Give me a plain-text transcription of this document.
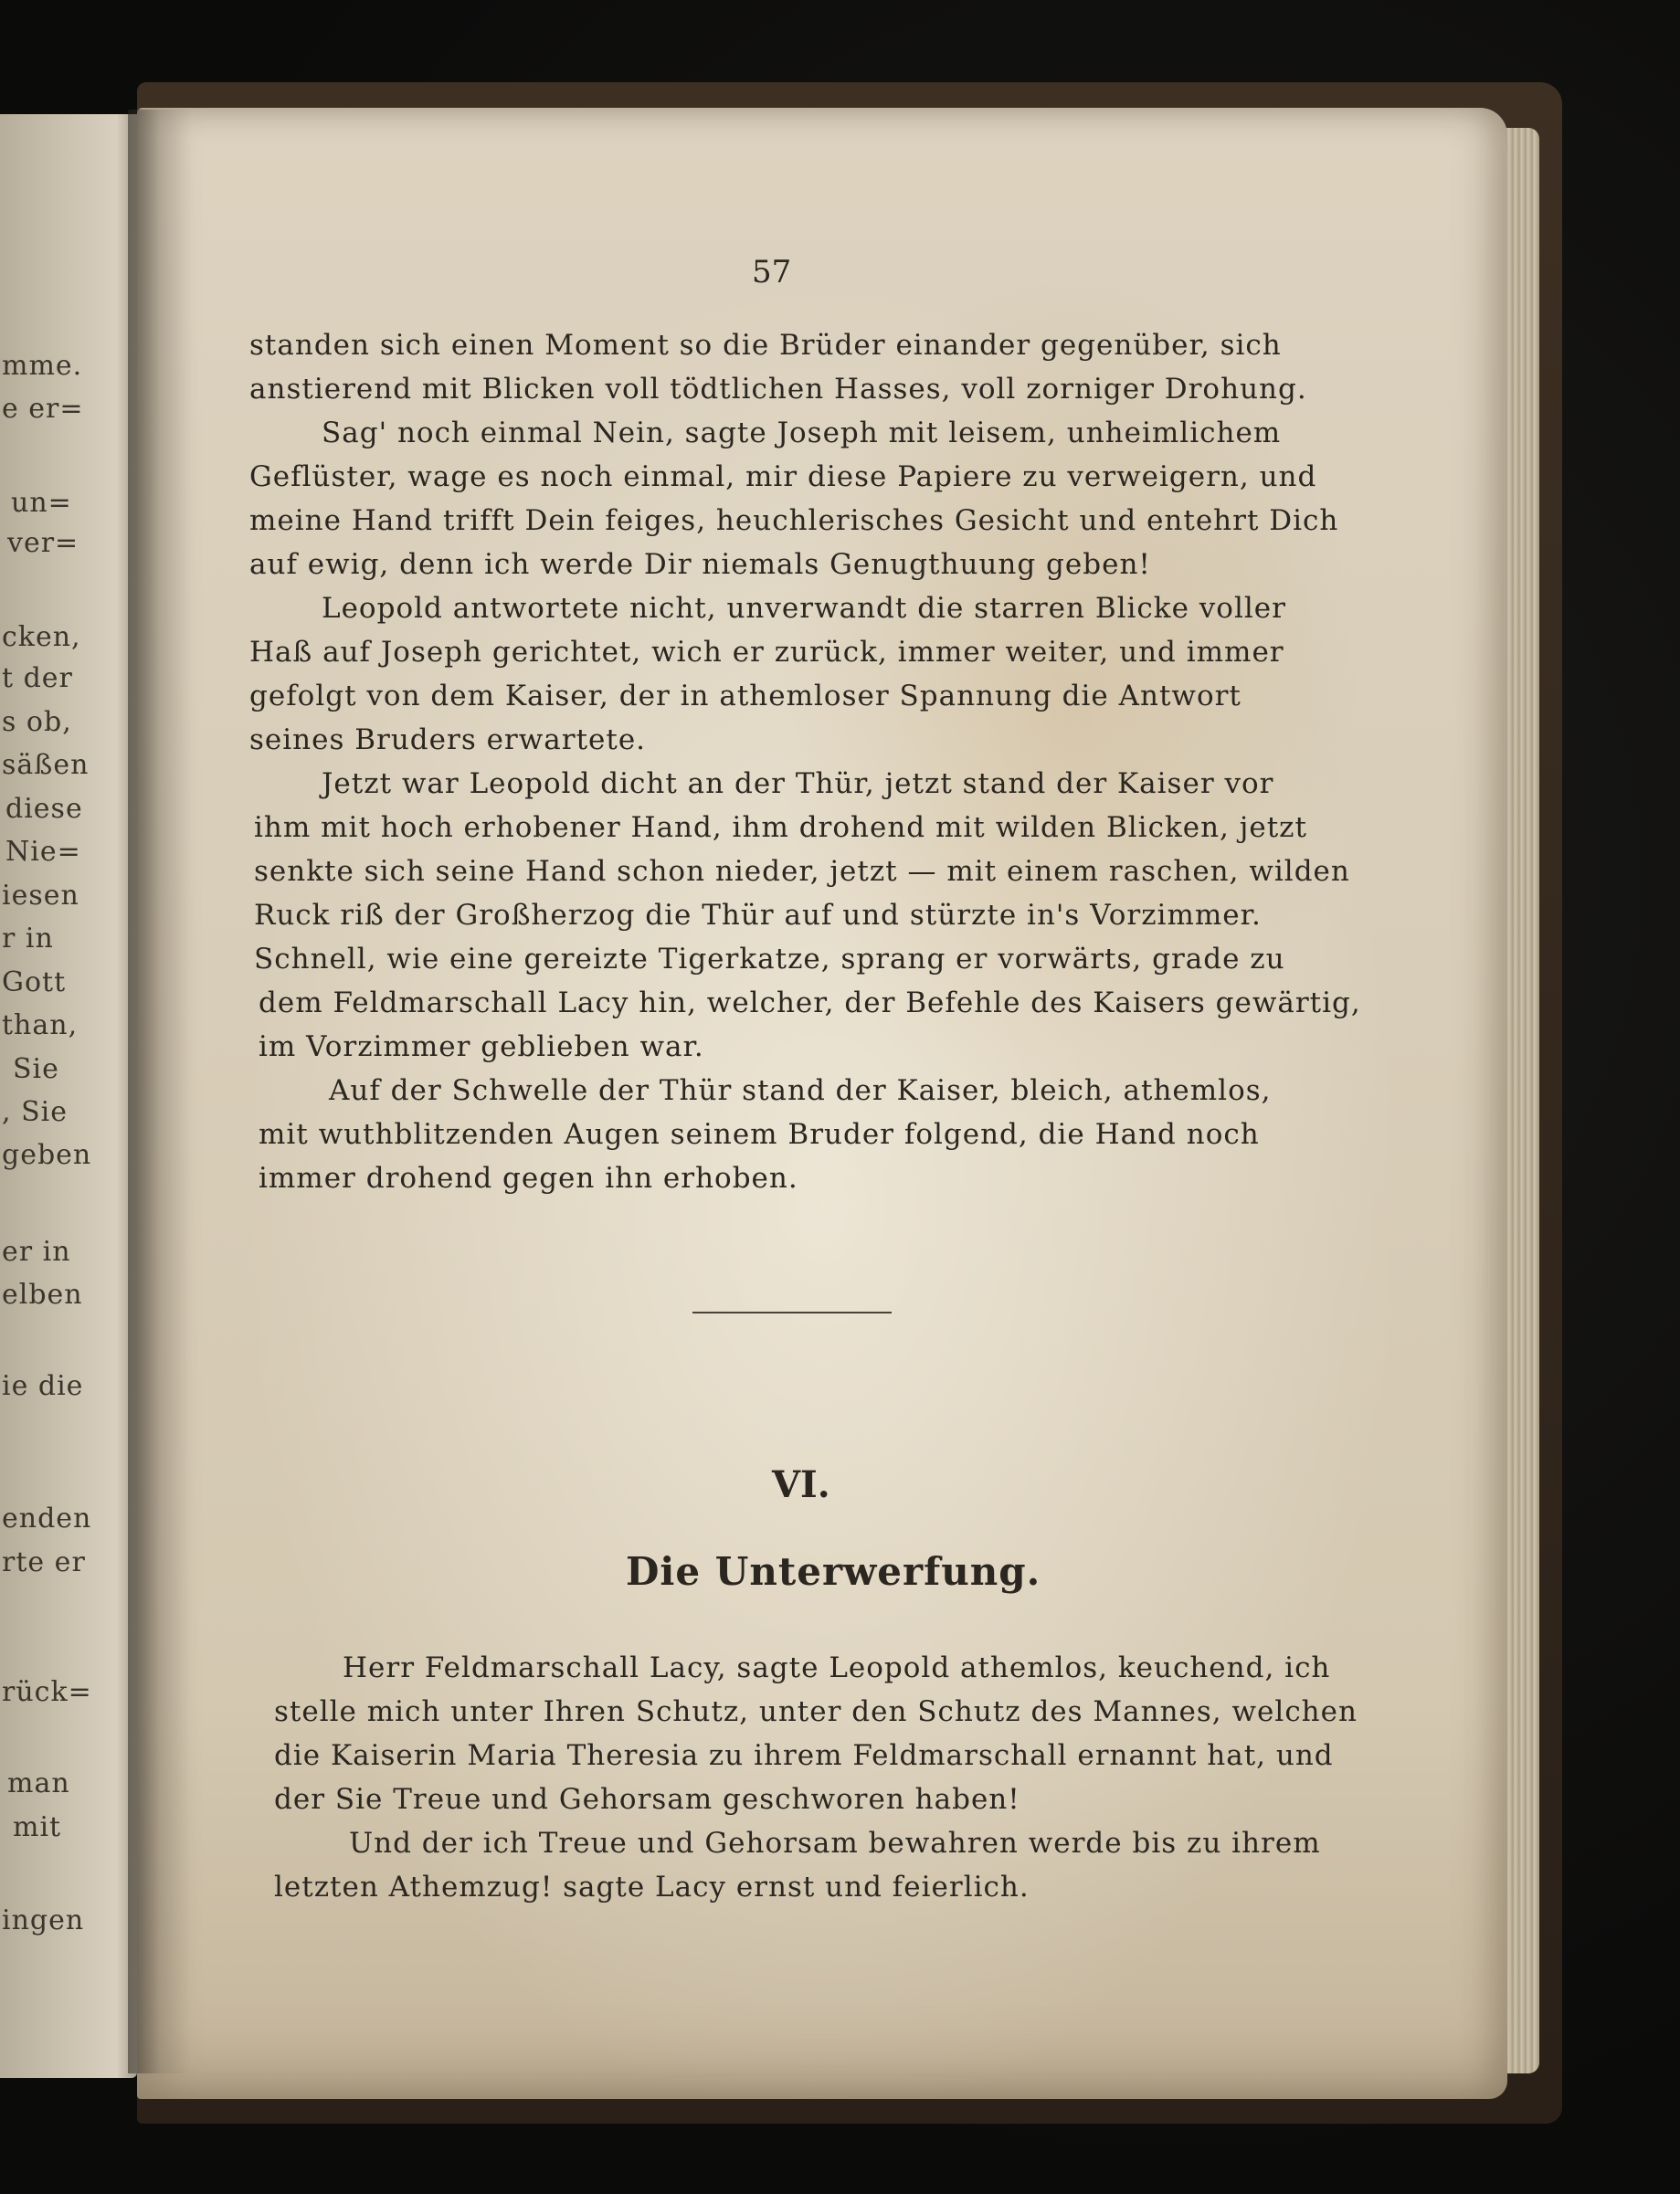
mme.
e er=
un=
ver=
cken,
t der
s ob,
säßen
diese
Nie=
iesen
r in
Gott
than,
Sie
, Sie
geben
er in
elben
ie die
enden
rte er
rück=
man
mit
ingen
57
standen sich einen Moment so die Brüder einander gegenüber, sich
anstierend mit Blicken voll tödtlichen Hasses, voll zorniger Drohung.
Sag' noch einmal Nein, sagte Joseph mit leisem, unheimlichem
Geflüster, wage es noch einmal, mir diese Papiere zu verweigern, und
meine Hand trifft Dein feiges, heuchlerisches Gesicht und entehrt Dich
auf ewig, denn ich werde Dir niemals Genugthuung geben!
Leopold antwortete nicht, unverwandt die starren Blicke voller
Haß auf Joseph gerichtet, wich er zurück, immer weiter, und immer
gefolgt von dem Kaiser, der in athemloser Spannung die Antwort
seines Bruders erwartete.
Jetzt war Leopold dicht an der Thür, jetzt stand der Kaiser vor
ihm mit hoch erhobener Hand, ihm drohend mit wilden Blicken, jetzt
senkte sich seine Hand schon nieder, jetzt — mit einem raschen, wilden
Ruck riß der Großherzog die Thür auf und stürzte in's Vorzimmer.
Schnell, wie eine gereizte Tigerkatze, sprang er vorwärts, grade zu
dem Feldmarschall Lacy hin, welcher, der Befehle des Kaisers gewärtig,
im Vorzimmer geblieben war.
Auf der Schwelle der Thür stand der Kaiser, bleich, athemlos,
mit wuthblitzenden Augen seinem Bruder folgend, die Hand noch
immer drohend gegen ihn erhoben.
VI.
Die Unterwerfung.
Herr Feldmarschall Lacy, sagte Leopold athemlos, keuchend, ich
stelle mich unter Ihren Schutz, unter den Schutz des Mannes, welchen
die Kaiserin Maria Theresia zu ihrem Feldmarschall ernannt hat, und
der Sie Treue und Gehorsam geschworen haben!
Und der ich Treue und Gehorsam bewahren werde bis zu ihrem
letzten Athemzug! sagte Lacy ernst und feierlich.
